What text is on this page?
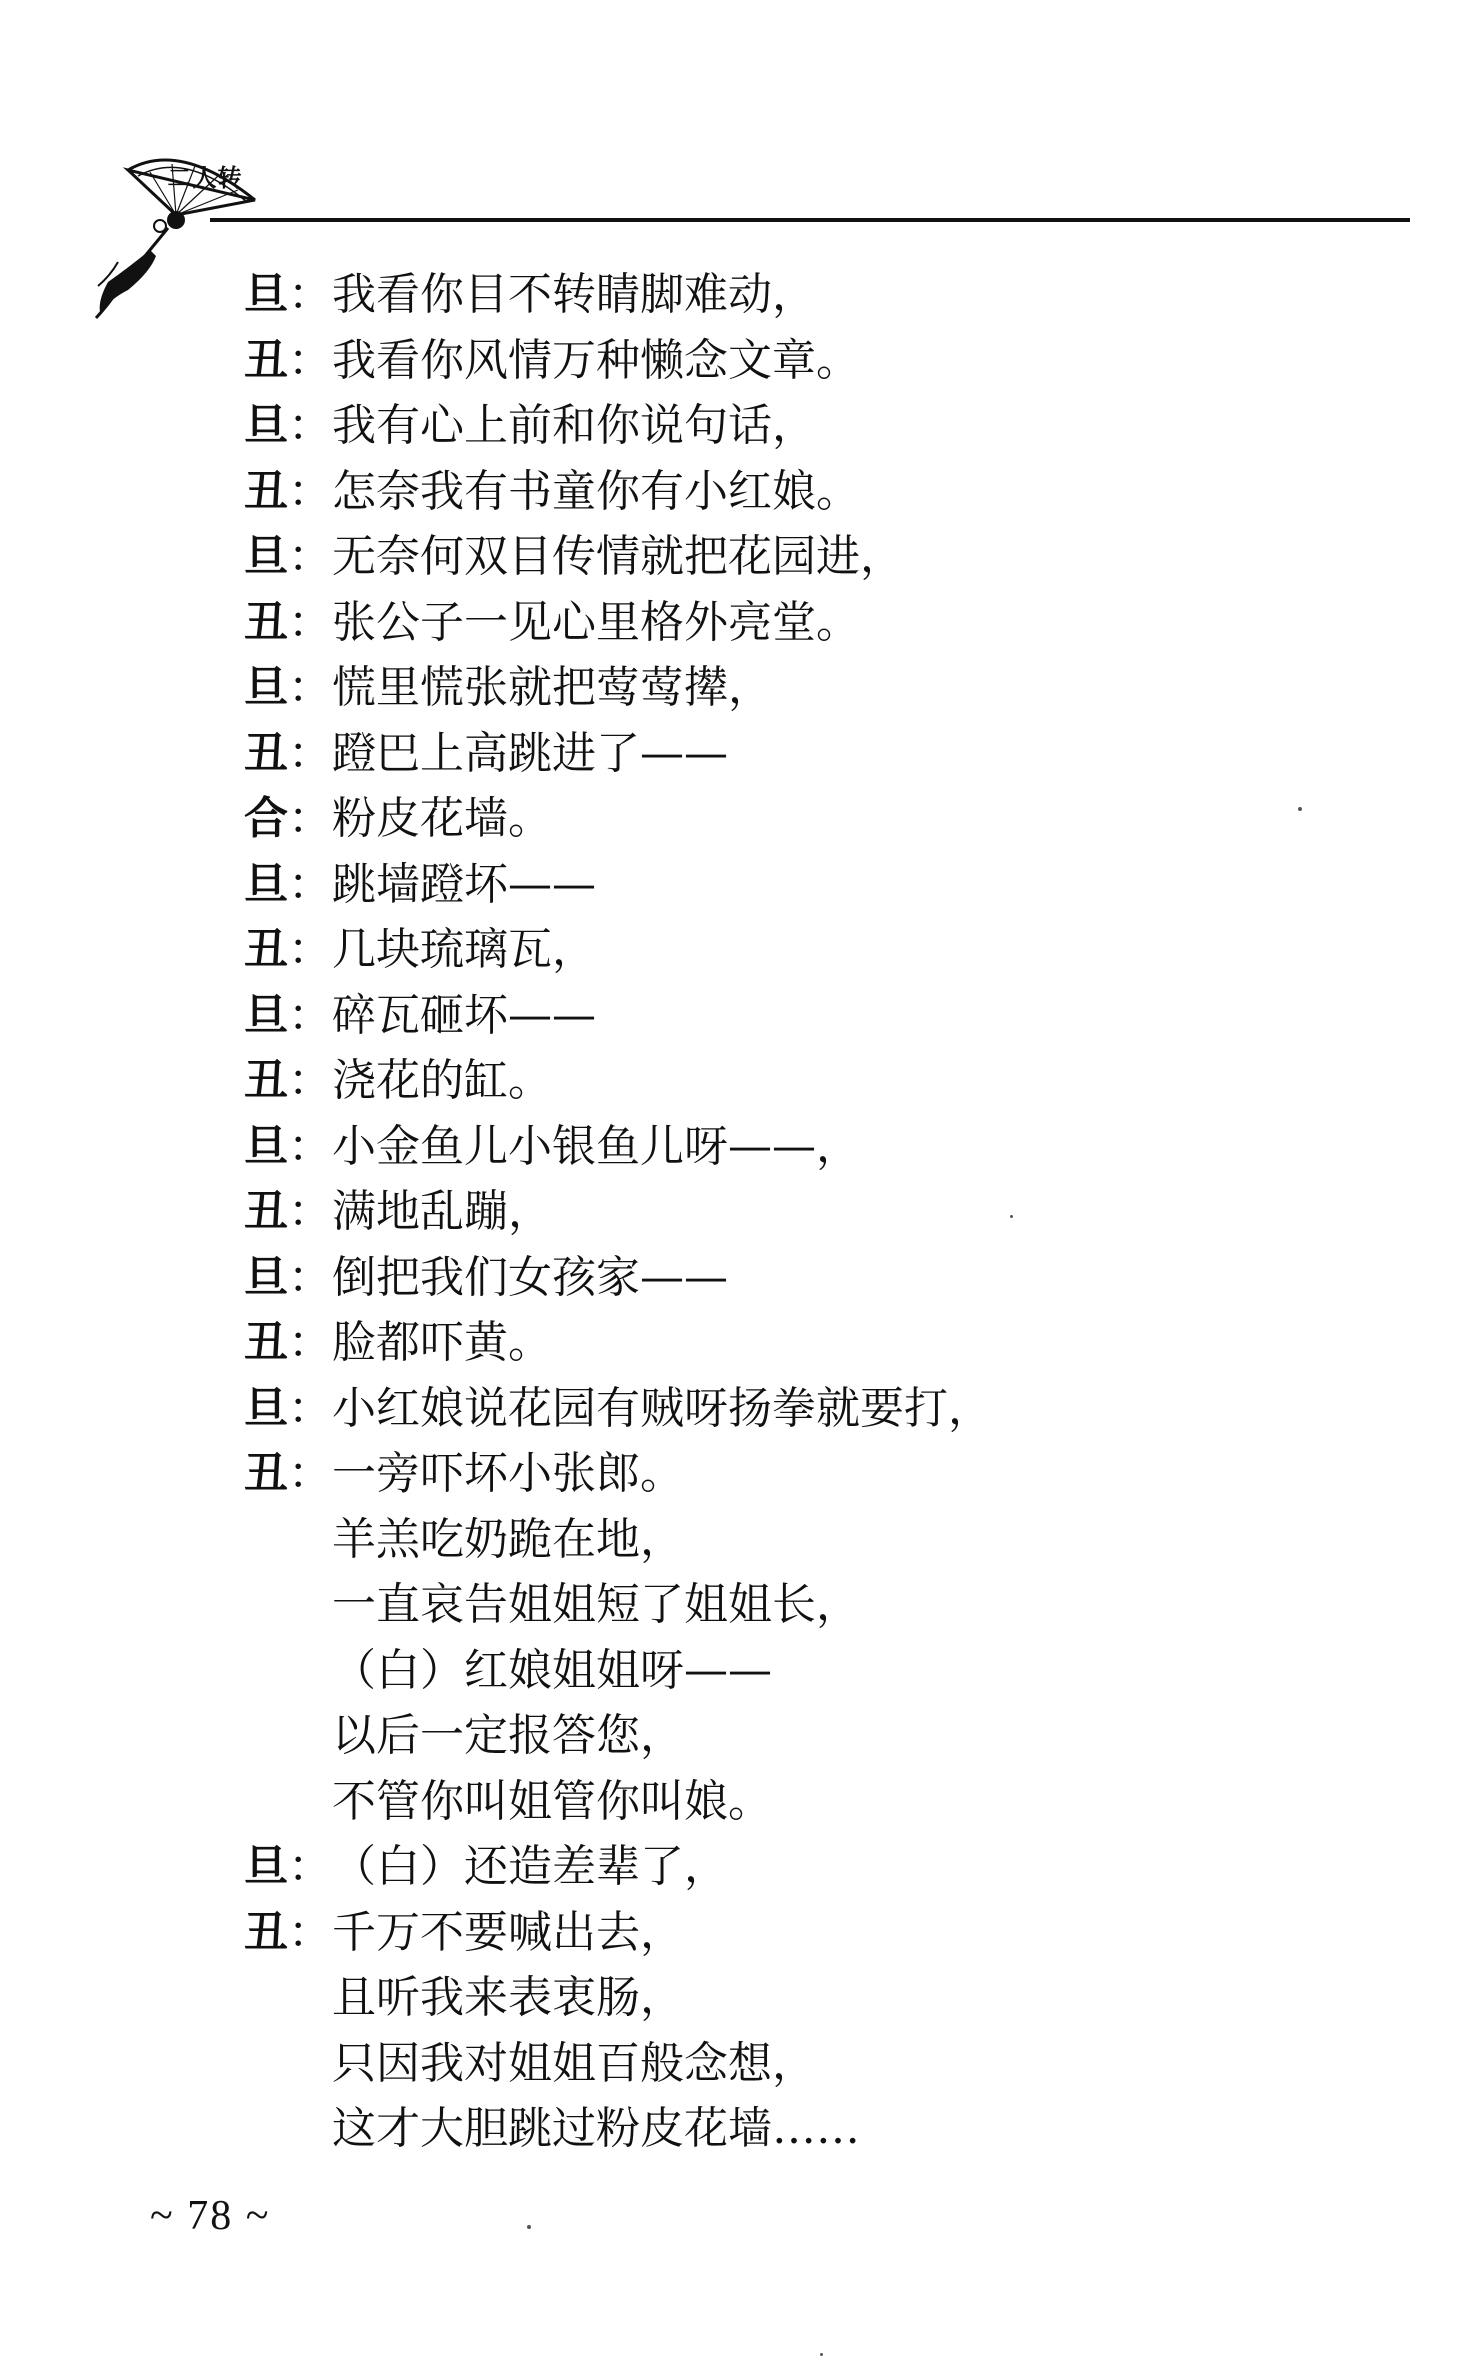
二人转
旦： 我看你目不转睛脚难动，
丑： 我看你风情万种懒念文章。
旦： 我有心上前和你说句话，
丑： 怎奈我有书童你有小红娘。
旦： 无奈何双目传情就把花园进，
丑： 张公子一见心里格外亮堂。
旦： 慌里慌张就把莺莺撵，
丑： 蹬巴上高跳进了——
合： 粉皮花墙。
旦： 跳墙蹬坏——
丑： 几块琉璃瓦，
旦： 碎瓦砸坏——
丑： 浇花的缸。
旦： 小金鱼儿小银鱼儿呀——，
丑： 满地乱蹦，
旦： 倒把我们女孩家——
丑： 脸都吓黄。
旦： 小红娘说花园有贼呀扬拳就要打，
丑： 一旁吓坏小张郎。
羊羔吃奶跪在地，
一直哀告姐姐短了姐姐长，
（白）红娘姐姐呀——
以后一定报答您，
不管你叫姐管你叫娘。
旦： （白）还造差辈了，
丑： 千万不要喊出去，
且听我来表衷肠，
只因我对姐姐百般念想，
这才大胆跳过粉皮花墙……
~ 78 ~
